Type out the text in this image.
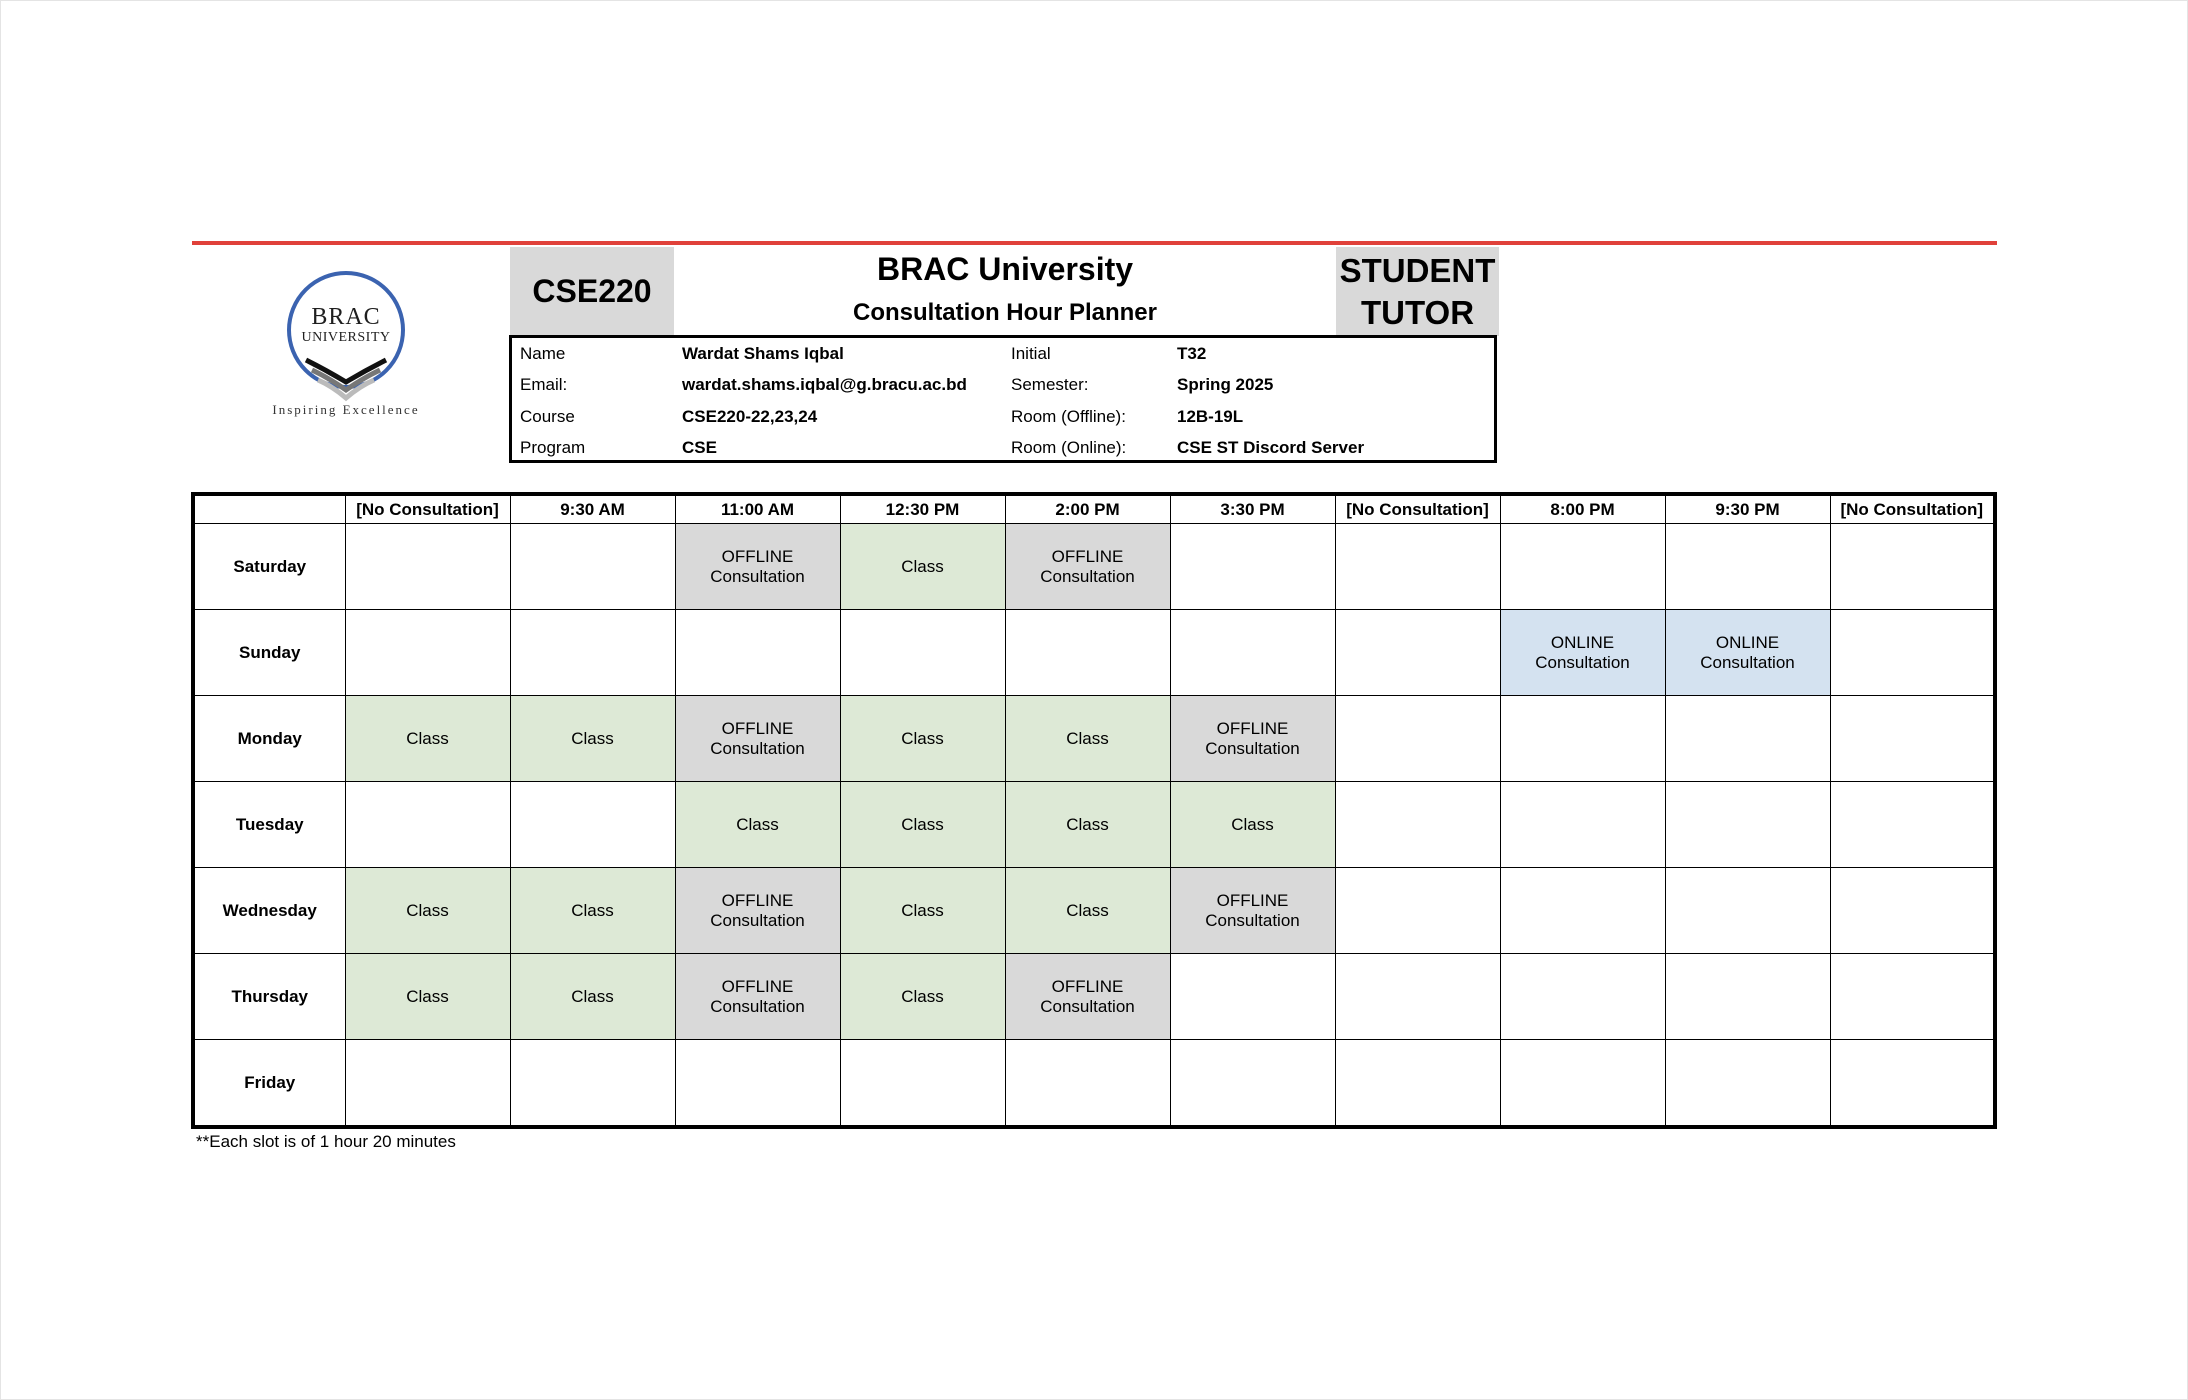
BRAC
UNIVERSITY
Inspiring Excellence
CSE220
BRAC University
Consultation Hour Planner
STUDENT
TUTOR
Name	Wardat Shams Iqbal	Initial	T32
Email:	wardat.shams.iqbal@g.bracu.ac.bd	Semester:	Spring 2025
Course	CSE220-22,23,24	Room (Offline):	12B-19L
Program	CSE	Room (Online):	CSE ST Discord Server
	[No Consultation]	9:30 AM	11:00 AM	12:30 PM	2:00 PM	3:30 PM	[No Consultation]	8:00 PM	9:30 PM	[No Consultation]
Saturday			OFFLINE Consultation	Class	OFFLINE Consultation					
Sunday								ONLINE Consultation	ONLINE Consultation	
Monday	Class	Class	OFFLINE Consultation	Class	Class	OFFLINE Consultation				
Tuesday			Class	Class	Class	Class				
Wednesday	Class	Class	OFFLINE Consultation	Class	Class	OFFLINE Consultation				
Thursday	Class	Class	OFFLINE Consultation	Class	OFFLINE Consultation					
Friday										
**Each slot is of 1 hour 20 minutes
